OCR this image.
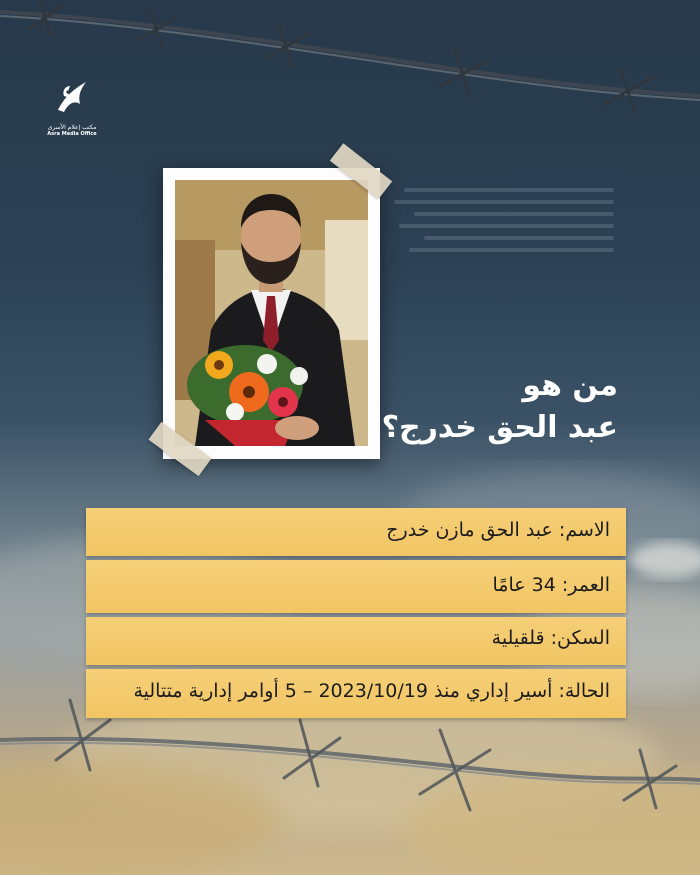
مكتب إعلام الأسرى
Asra Media Office
من هو
عبد الحق خدرج؟
الاسم: عبد الحق مازن خدرج
العمر: 34 عامًا
السكن: قلقيلية
الحالة: أسير إداري منذ 2023/10/19 – 5 أوامر إدارية متتالية
